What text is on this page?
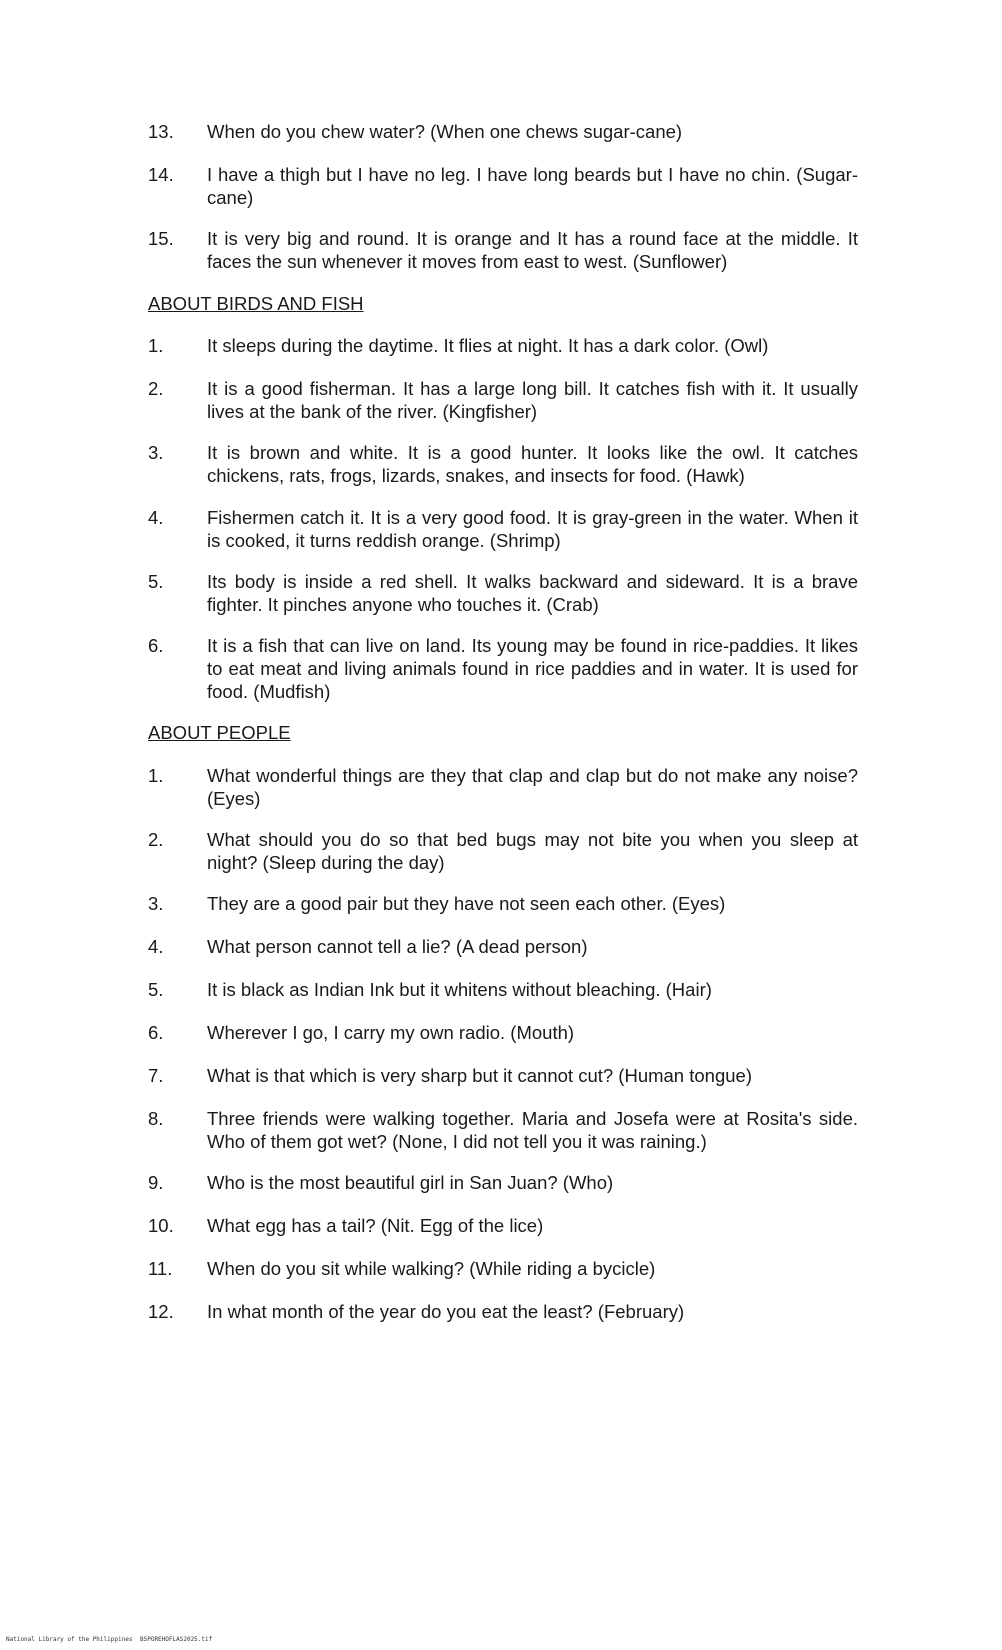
13.	When do you chew water? (When one chews sugar-cane)
14.	I have a thigh but I have no leg. I have long beards but I have no chin. (Sugar-cane)
15.	It is very big and round. It is orange and It has a round face at the middle. It faces the sun whenever it moves from east to west. (Sunflower)
ABOUT BIRDS AND FISH
1.	It sleeps during the daytime. It flies at night. It has a dark color. (Owl)
2.	It is a good fisherman. It has a large long bill. It catches fish with it. It usually lives at the bank of the river. (Kingfisher)
3.	It is brown and white. It is a good hunter. It looks like the owl. It catches chickens, rats, frogs, lizards, snakes, and insects for food. (Hawk)
4.	Fishermen catch it. It is a very good food. It is gray-green in the water. When it is cooked, it turns reddish orange. (Shrimp)
5.	Its body is inside a red shell. It walks backward and sideward. It is a brave fighter. It pinches anyone who touches it. (Crab)
6.	It is a fish that can live on land. Its young may be found in rice-paddies. It likes to eat meat and living animals found in rice paddies and in water. It is used for food. (Mudfish)
ABOUT PEOPLE
1.	What wonderful things are they that clap and clap but do not make any noise? (Eyes)
2.	What should you do so that bed bugs may not bite you when you sleep at night? (Sleep during the day)
3.	They are a good pair but they have not seen each other. (Eyes)
4.	What person cannot tell a lie? (A dead person)
5.	It is black as Indian Ink but it whitens without bleaching. (Hair)
6.	Wherever I go, I carry my own radio. (Mouth)
7.	What is that which is very sharp but it cannot cut? (Human tongue)
8.	Three friends were walking together. Maria and Josefa were at Rosita's side. Who of them got wet? (None, I did not tell you it was raining.)
9.	Who is the most beautiful girl in San Juan? (Who)
10.	What egg has a tail? (Nit. Egg of the lice)
11.	When do you sit while walking? (While riding a bycicle)
12.	In what month of the year do you eat the least? (February)
National Library of the Philippines BSPOREHOFLAS2025.tif
